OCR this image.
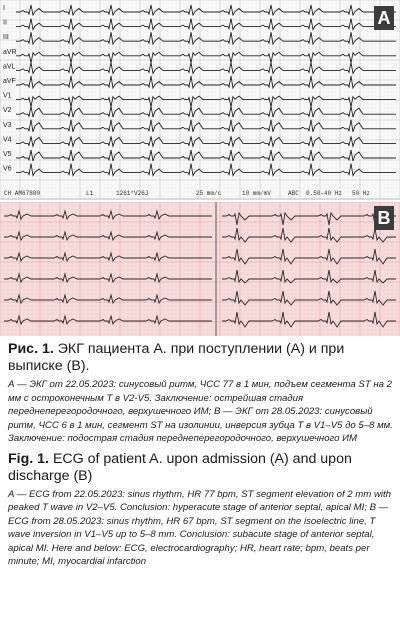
I
II
III
aVR
aVL
aVF
V1
V2
V3
V4
V5
V6
CH AM67800	L1	1261*V26J	25 mm/c	10 mm/mV	ABC 0.50-40 Hz 50 Hz
A
B

Рис. 1. ЭКГ пациента А. при поступлении (А) и при выписке (В).

А — ЭКГ от 22.05.2023: синусовый ритм, ЧСС 77 в 1 мин, подъем сегмента ST на 2 мм с остроконечным T в V2-V5. Заключение: острейшая стадия переднеперегородочного, верхушечного ИМ; В — ЭКГ от 28.05.2023: синусовый ритм, ЧСС 6 в 1 мин, сегмент ST на изолинии, инверсия зубца T в V1–V5 до 5–8 мм. Заключение: подострая стадия переднеперегородочного, верхушечного ИМ

Fig. 1. ECG of patient A. upon admission (A) and upon discharge (B)

A — ECG from 22.05.2023: sinus rhythm, HR 77 bpm, ST segment elevation of 2 mm with peaked T wave in V2–V5. Conclusion: hyperacute stage of anterior septal, apical MI; B — ECG from 28.05.2023: sinus rhythm, HR 67 bpm, ST segment on the isoelectric line, T wave inversion in V1–V5 up to 5–8 mm. Conclusion: subacute stage of anterior septal, apical MI. Here and below: ECG, electrocardiography; HR, heart rate; bpm, beats per minute; MI, myocardial infarction
